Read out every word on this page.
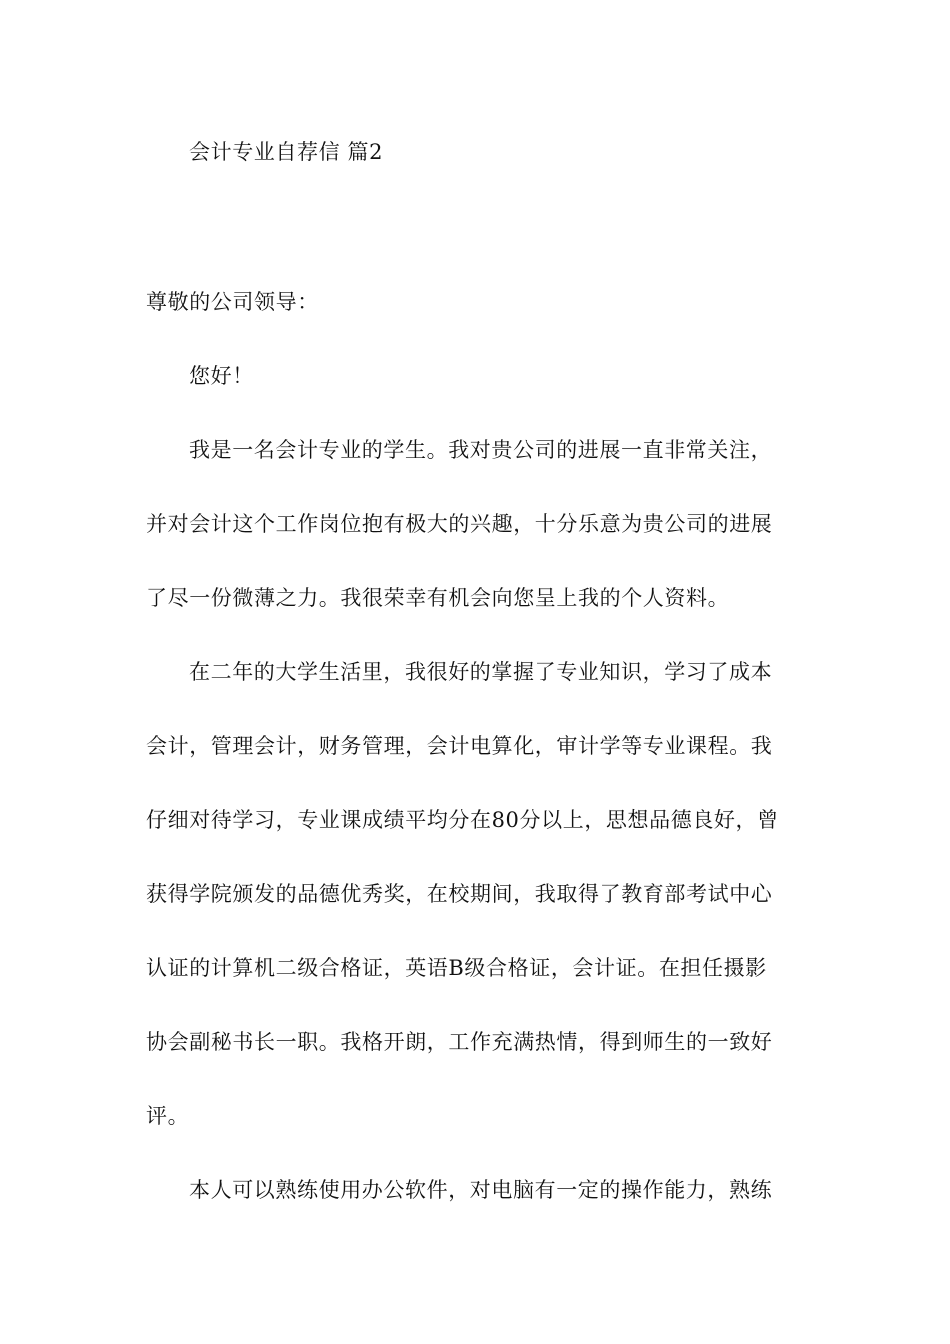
会计专业自荐信 篇2
尊敬的公司领导：
您好！
我是一名会计专业的学生。我对贵公司的进展一直非常关注，
并对会计这个工作岗位抱有极大的兴趣，十分乐意为贵公司的进展
了尽一份微薄之力。我很荣幸有机会向您呈上我的个人资料。
在二年的大学生活里，我很好的掌握了专业知识，学习了成本
会计，管理会计，财务管理，会计电算化，审计学等专业课程。我
仔细对待学习，专业课成绩平均分在80分以上，思想品德良好，曾
获得学院颁发的品德优秀奖，在校期间，我取得了教育部考试中心
认证的计算机二级合格证，英语B级合格证，会计证。在担任摄影
协会副秘书长一职。我格开朗，工作充满热情，得到师生的一致好
评。
本人可以熟练使用办公软件，对电脑有一定的操作能力，熟练
